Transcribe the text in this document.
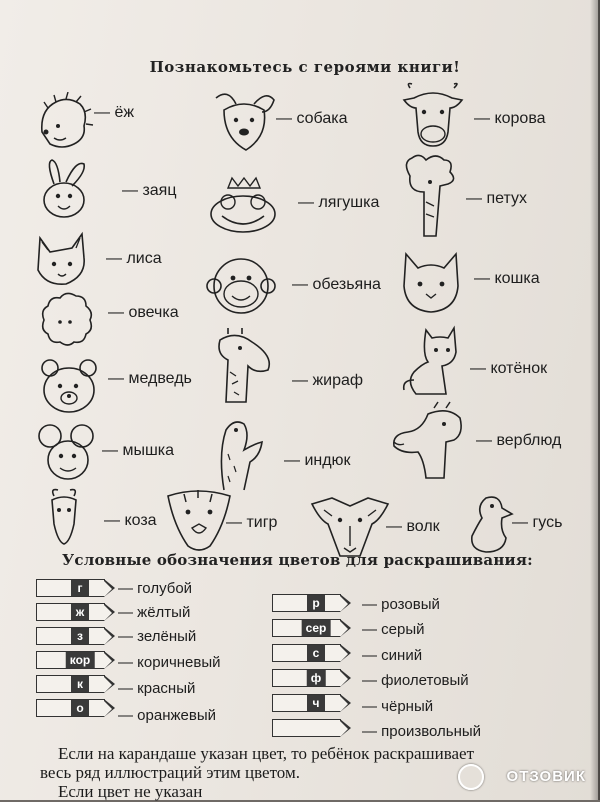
Познакомьтесь с героями книги!
— ёж
— заяц
— лиса
— овечка
— медведь
— мышка
— коза
— собака
— лягушка
— обезьяна
— жираф
— индюк
— тигр
— корова
— петух
— кошка
— котёнок
— верблюд
— волк	— гусь
Условные обозначения цветов для раскрашивания:
г	— голубой
ж	— жёлтый
з	— зелёный
кор — коричневый
к	— красный
о	— оранжевый
р	— розовый
сер — серый
с	— синий
ф	— фиолетовый
ч	— чёрный
— произвольный
Если на карандаше указан цвет, то ребёнок раскрашивает
весь ряд иллюстраций этим цветом.
Если цвет не указан
ОТЗОВИК
